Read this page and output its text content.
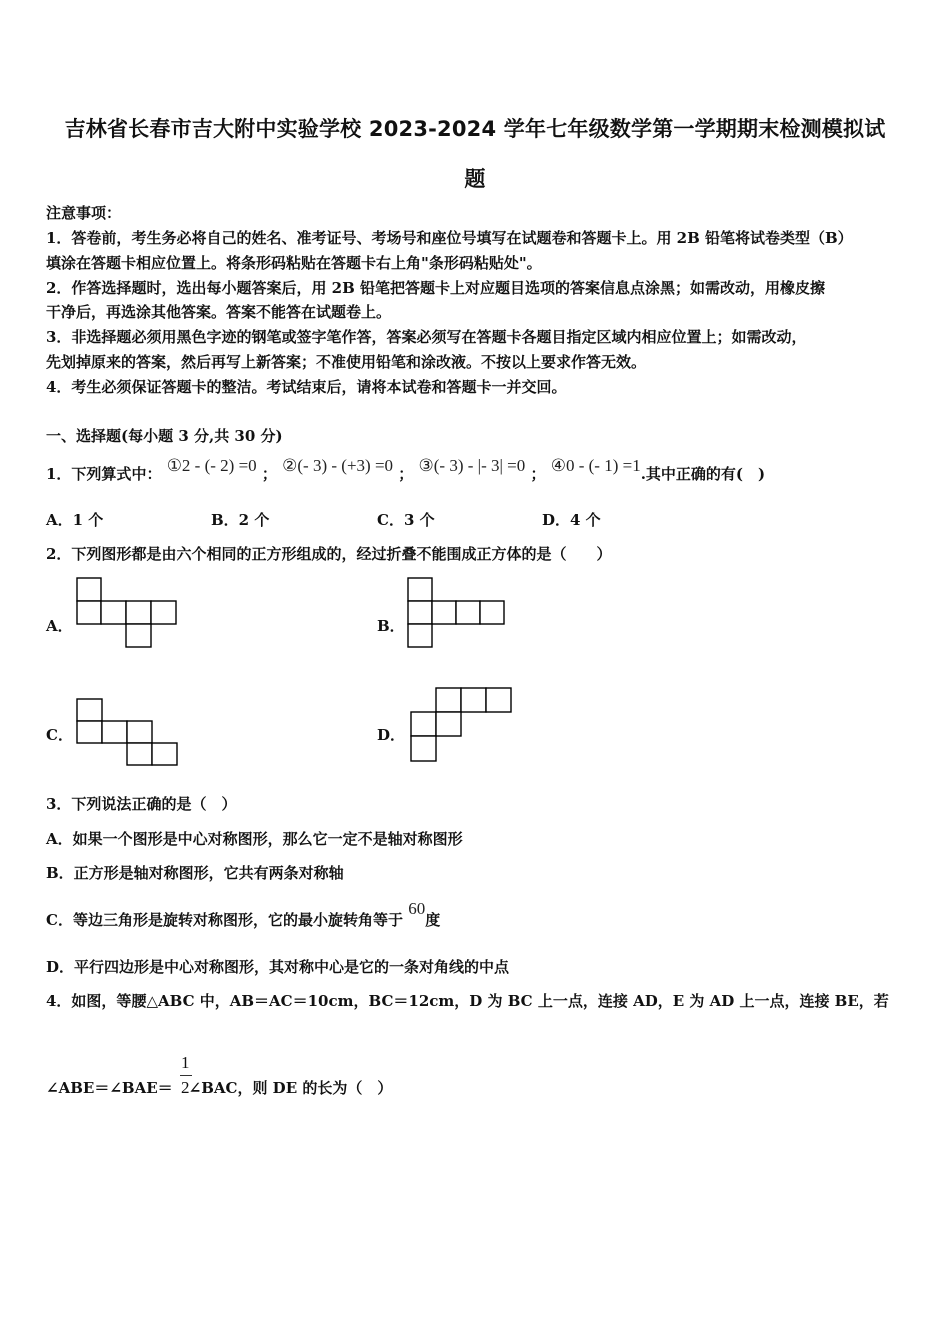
吉林省长春市吉大附中实验学校 2023-2024 学年七年级数学第一学期期末检测模拟试
题
注意事项：
1．答卷前，考生务必将自己的姓名、准考证号、考场号和座位号填写在试题卷和答题卡上。用 2B 铅笔将试卷类型（B）
填涂在答题卡相应位置上。将条形码粘贴在答题卡右上角"条形码粘贴处"。
2．作答选择题时，选出每小题答案后，用 2B 铅笔把答题卡上对应题目选项的答案信息点涂黑；如需改动，用橡皮擦
干净后，再选涂其他答案。答案不能答在试题卷上。
3．非选择题必须用黑色字迹的钢笔或签字笔作答，答案必须写在答题卡各题目指定区域内相应位置上；如需改动，
先划掉原来的答案，然后再写上新答案；不准使用铅笔和涂改液。不按以上要求作答无效。
4．考生必须保证答题卡的整洁。考试结束后，请将本试卷和答题卡一并交回。
一、选择题(每小题 3 分,共 30 分)
1．下列算式中： ①2 - (- 2) =0 ； ②(- 3) - (+3) =0 ； ③(- 3) - |- 3| =0 ； ④0 - (- 1) =1.其中正确的有(　)
A．1 个	B．2 个	C．3 个	D．4 个
2．下列图形都是由六个相同的正方形组成的，经过折叠不能围成正方体的是（　　）
A．	B．
C．	D．
3．下列说法正确的是（　）
A．如果一个图形是中心对称图形，那么它一定不是轴对称图形
B．正方形是轴对称图形，它共有两条对称轴
C．等边三角形是旋转对称图形，它的最小旋转角等于 60度
D．平行四边形是中心对称图形，其对称中心是它的一条对角线的中点
4．如图，等腰△ABC 中，AB＝AC＝10cm，BC＝12cm，D 为 BC 上一点，连接 AD，E 为 AD 上一点，连接 BE，若
∠ABE＝∠BAE＝ ∠BAC，则 DE 的长为（　）
1
2
